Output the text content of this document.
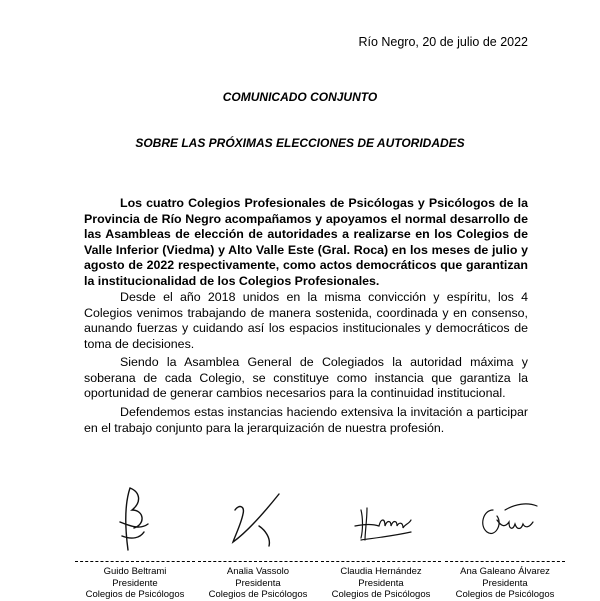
Río Negro, 20 de julio de 2022
COMUNICADO CONJUNTO
SOBRE LAS PRÓXIMAS ELECCIONES DE AUTORIDADES

Los cuatro Colegios Profesionales de Psicólogas y Psicólogos de la Provincia de Río Negro acompañamos y apoyamos el normal desarrollo de las Asambleas de elección de autoridades a realizarse en los Colegios de Valle Inferior (Viedma) y Alto Valle Este (Gral. Roca) en los meses de julio y agosto de 2022 respectivamente, como actos democráticos que garantizan la institucionalidad de los Colegios Profesionales.

Desde el año 2018 unidos en la misma convicción y espíritu, los 4 Colegios venimos trabajando de manera sostenida, coordinada y en consenso, aunando fuerzas y cuidando así los espacios institucionales y democráticos de toma de decisiones.

Siendo la Asamblea General de Colegiados la autoridad máxima y soberana de cada Colegio, se constituye como instancia que garantiza la oportunidad de generar cambios necesarios para la continuidad institucional.

Defendemos estas instancias haciendo extensiva la invitación a participar en el trabajo conjunto para la jerarquización de nuestra profesión.

Guido Beltrami
Presidente
Colegios de Psicólogos
Analia Vassolo
Presidenta
Colegios de Psicólogos
Claudia Hernández
Presidenta
Colegios de Psicólogos
Ana Galeano Álvarez
Presidenta
Colegios de Psicólogos
